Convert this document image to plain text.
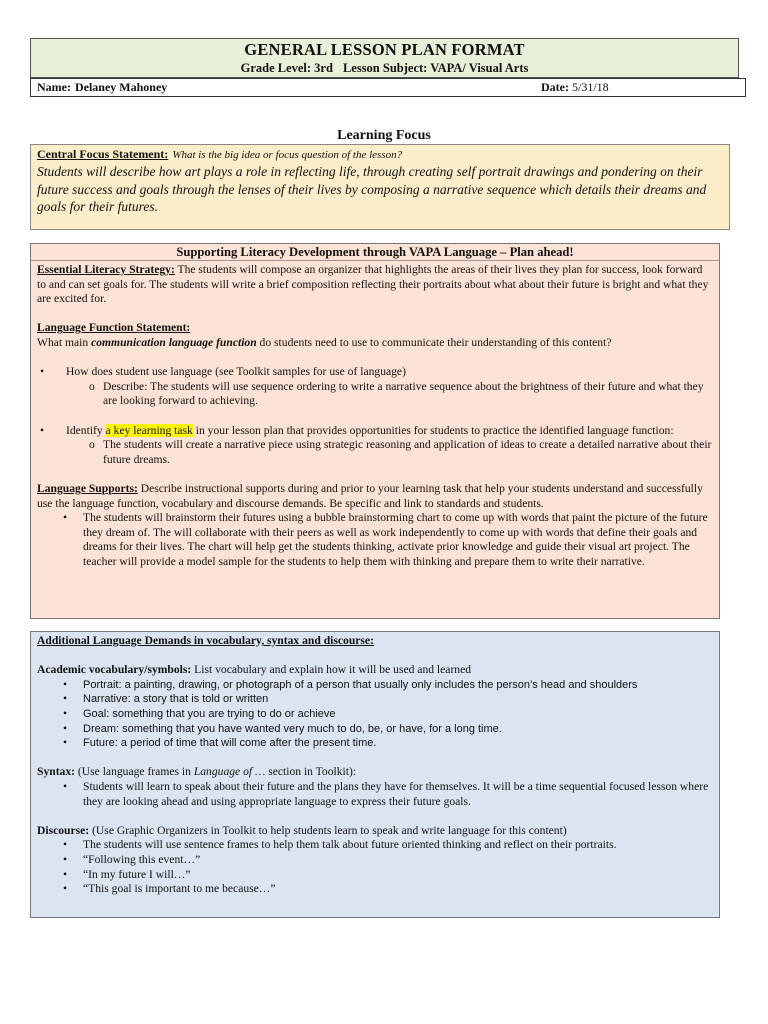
GENERAL LESSON PLAN FORMAT
Grade Level: 3rd Lesson Subject: VAPA/ Visual Arts
Name: Delaney Mahoney	Date: 5/31/18
Learning Focus
Central Focus Statement: What is the big idea or focus question of the lesson?
Students will describe how art plays a role in reflecting life, through creating self portrait drawings and pondering on their future success and goals through the lenses of their lives by composing a narrative sequence which details their dreams and goals for their futures.
Supporting Literacy Development through VAPA Language – Plan ahead!
Essential Literacy Strategy: The students will compose an organizer that highlights the areas of their lives they plan for success, look forward to and can set goals for. The students will write a brief composition reflecting their portraits about what about their future is bright and what they are excited for.
Language Function Statement:
What main communication language function do students need to use to communicate their understanding of this content?
• How does student use language (see Toolkit samples for use of language)
o Describe: The students will use sequence ordering to write a narrative sequence about the brightness of their future and what they are looking forward to achieving.
• Identify a key learning task in your lesson plan that provides opportunities for students to practice the identified language function:
o The students will create a narrative piece using strategic reasoning and application of ideas to create a detailed narrative about their future dreams.
Language Supports: Describe instructional supports during and prior to your learning task that help your students understand and successfully use the language function, vocabulary and discourse demands. Be specific and link to standards and students.
• The students will brainstorm their futures using a bubble brainstorming chart to come up with words that paint the picture of the future they dream of. The will collaborate with their peers as well as work independently to come up with words that define their goals and dreams for their lives. The chart will help get the students thinking, activate prior knowledge and guide their visual art project. The teacher will provide a model sample for the students to help them with thinking and prepare them to write their narrative.
Additional Language Demands in vocabulary, syntax and discourse:
Academic vocabulary/symbols: List vocabulary and explain how it will be used and learned
• Portrait: a painting, drawing, or photograph of a person that usually only includes the person’s head and shoulders
• Narrative: a story that is told or written
• Goal: something that you are trying to do or achieve
• Dream: something that you have wanted very much to do, be, or have, for a long time.
• Future: a period of time that will come after the present time.
Syntax: (Use language frames in Language of … section in Toolkit):
• Students will learn to speak about their future and the plans they have for themselves. It will be a time sequential focused lesson where they are looking ahead and using appropriate language to express their future goals.
Discourse: (Use Graphic Organizers in Toolkit to help students learn to speak and write language for this content)
• The students will use sentence frames to help them talk about future oriented thinking and reflect on their portraits.
• “Following this event…”
• “In my future I will…”
• “This goal is important to me because…”
